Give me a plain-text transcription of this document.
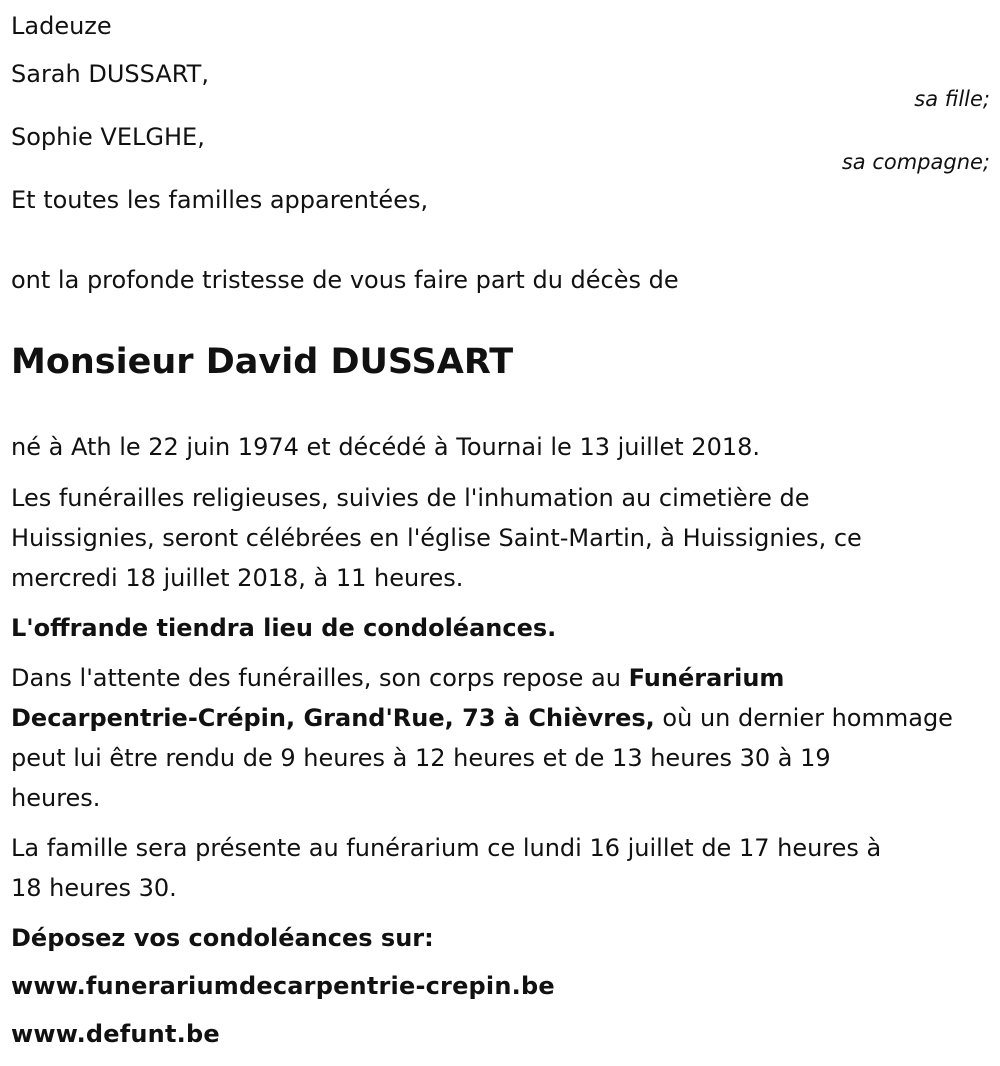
Ladeuze
Sarah DUSSART,
sa fille;
Sophie VELGHE,
sa compagne;
Et toutes les familles apparentées,
ont la profonde tristesse de vous faire part du décès de
Monsieur David DUSSART
né à Ath le 22 juin 1974 et décédé à Tournai le 13 juillet 2018.
Les funérailles religieuses, suivies de l'inhumation au cimetière de
Huissignies, seront célébrées en l'église Saint-Martin, à Huissignies, ce
mercredi 18 juillet 2018, à 11 heures.
L'offrande tiendra lieu de condoléances.
Dans l'attente des funérailles, son corps repose au Funérarium
Decarpentrie-Crépin, Grand'Rue, 73 à Chièvres, où un dernier hommage
peut lui être rendu de 9 heures à 12 heures et de 13 heures 30 à 19
heures.
La famille sera présente au funérarium ce lundi 16 juillet de 17 heures à
18 heures 30.
Déposez vos condoléances sur:
www.funerariumdecarpentrie-crepin.be
www.defunt.be
